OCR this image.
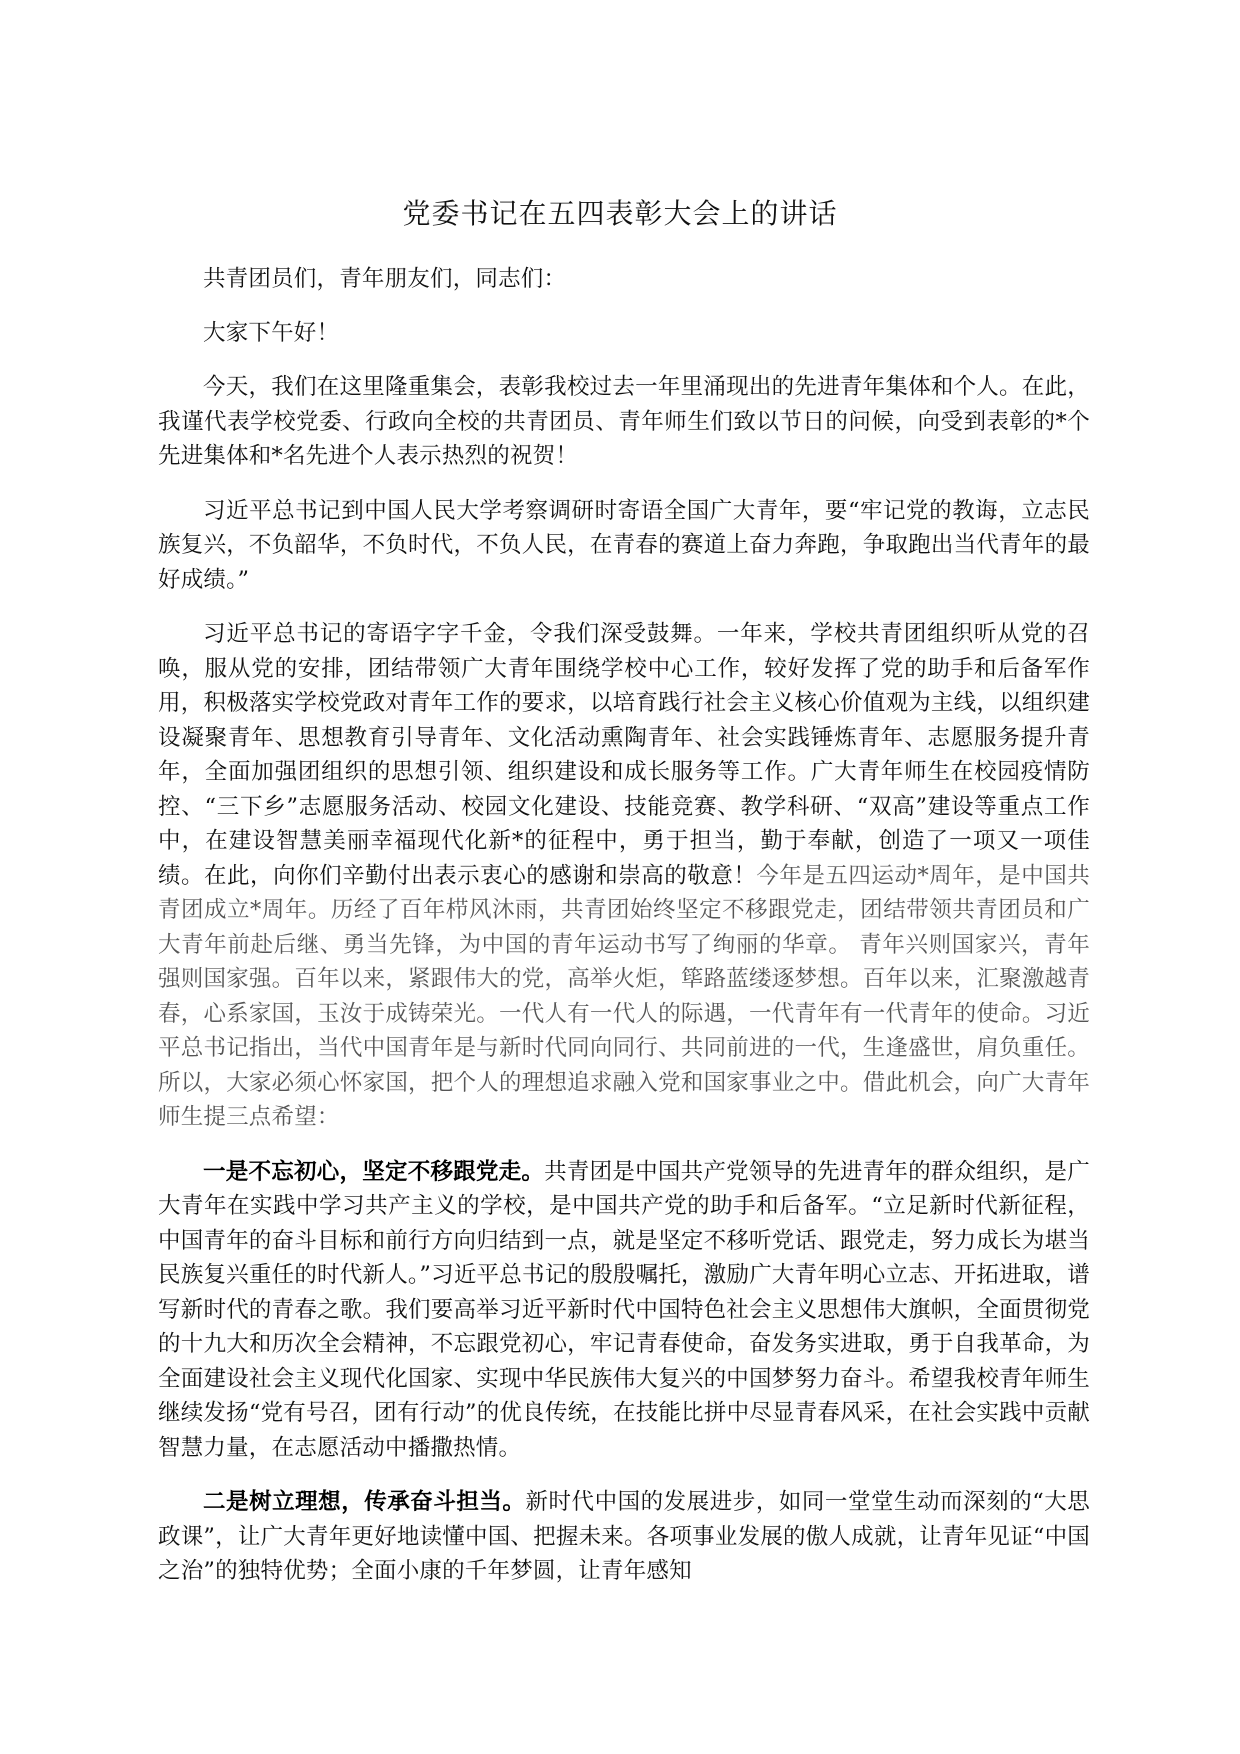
党委书记在五四表彰大会上的讲话

共青团员们，青年朋友们，同志们：

大家下午好！

今天，我们在这里隆重集会，表彰我校过去一年里涌现出的先进青年集体和个人。在此，我谨代表学校党委、行政向全校的共青团员、青年师生们致以节日的问候，向受到表彰的*个先进集体和*名先进个人表示热烈的祝贺！

习近平总书记到中国人民大学考察调研时寄语全国广大青年，要“牢记党的教诲，立志民族复兴，不负韶华，不负时代，不负人民，在青春的赛道上奋力奔跑，争取跑出当代青年的最好成绩。”

习近平总书记的寄语字字千金，令我们深受鼓舞。一年来，学校共青团组织听从党的召唤，服从党的安排，团结带领广大青年围绕学校中心工作，较好发挥了党的助手和后备军作用，积极落实学校党政对青年工作的要求，以培育践行社会主义核心价值观为主线，以组织建设凝聚青年、思想教育引导青年、文化活动熏陶青年、社会实践锤炼青年、志愿服务提升青年，全面加强团组织的思想引领、组织建设和成长服务等工作。广大青年师生在校园疫情防控、“三下乡”志愿服务活动、校园文化建设、技能竞赛、教学科研、“双高”建设等重点工作中，在建设智慧美丽幸福现代化新*的征程中，勇于担当，勤于奉献，创造了一项又一项佳绩。在此，向你们辛勤付出表示衷心的感谢和崇高的敬意！今年是五四运动*周年，是中国共青团成立*周年。历经了百年栉风沐雨，共青团始终坚定不移跟党走，团结带领共青团员和广大青年前赴后继、勇当先锋，为中国的青年运动书写了绚丽的华章。 青年兴则国家兴，青年强则国家强。百年以来，紧跟伟大的党，高举火炬，筚路蓝缕逐梦想。百年以来，汇聚激越青春，心系家国，玉汝于成铸荣光。一代人有一代人的际遇，一代青年有一代青年的使命。习近平总书记指出，当代中国青年是与新时代同向同行、共同前进的一代，生逢盛世，肩负重任。所以，大家必须心怀家国，把个人的理想追求融入党和国家事业之中。借此机会，向广大青年师生提三点希望：

一是不忘初心，坚定不移跟党走。共青团是中国共产党领导的先进青年的群众组织，是广大青年在实践中学习共产主义的学校，是中国共产党的助手和后备军。“立足新时代新征程，中国青年的奋斗目标和前行方向归结到一点，就是坚定不移听党话、跟党走，努力成长为堪当民族复兴重任的时代新人。”习近平总书记的殷殷嘱托，激励广大青年明心立志、开拓进取，谱写新时代的青春之歌。我们要高举习近平新时代中国特色社会主义思想伟大旗帜，全面贯彻党的十九大和历次全会精神，不忘跟党初心，牢记青春使命，奋发务实进取，勇于自我革命，为全面建设社会主义现代化国家、实现中华民族伟大复兴的中国梦努力奋斗。希望我校青年师生继续发扬“党有号召，团有行动”的优良传统，在技能比拼中尽显青春风采，在社会实践中贡献智慧力量，在志愿活动中播撒热情。

二是树立理想，传承奋斗担当。新时代中国的发展进步，如同一堂堂生动而深刻的“大思政课”，让广大青年更好地读懂中国、把握未来。各项事业发展的傲人成就，让青年见证“中国之治”的独特优势；全面小康的千年梦圆，让青年感知
